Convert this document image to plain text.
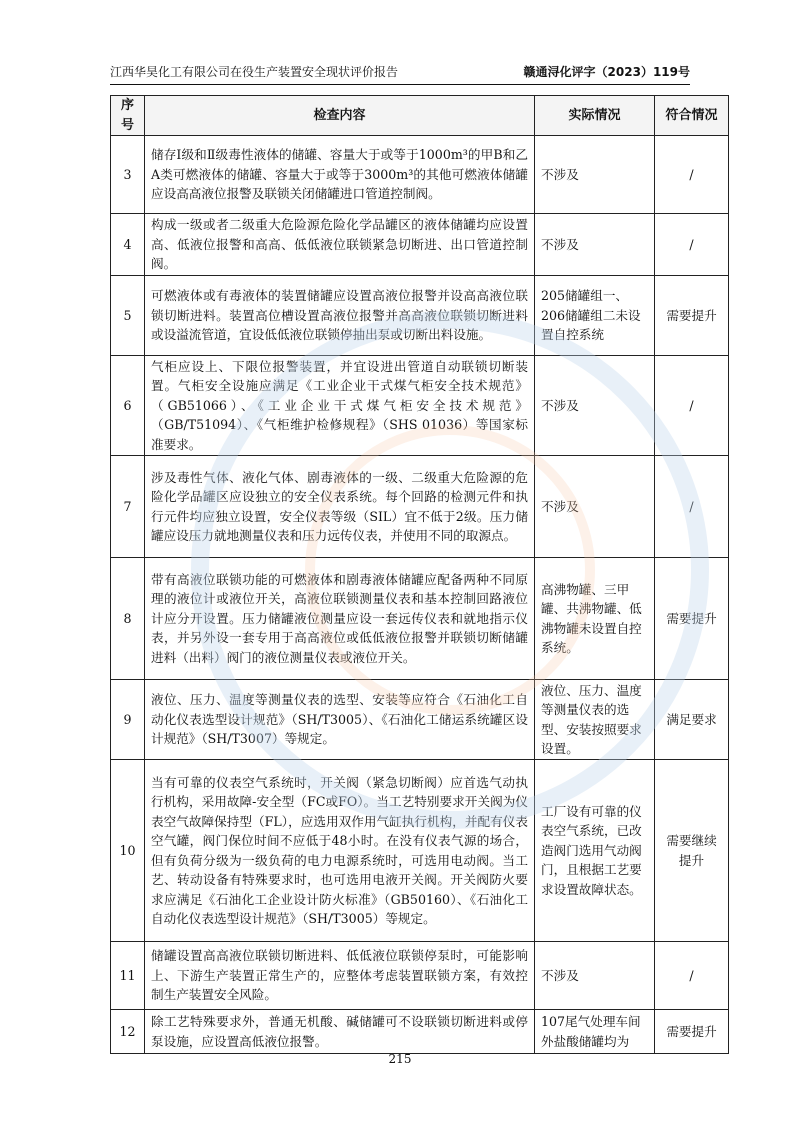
江西华昊化工有限公司在役生产装置安全现状评价报告	赣通浔化评字（2023）119号
序号	检查内容	实际情况	符合情况
3	储存Ⅰ级和Ⅱ级毒性液体的储罐、容量大于或等于1000m³的甲B和乙A类可燃液体的储罐、容量大于或等于3000m³的其他可燃液体储罐应设高高液位报警及联锁关闭储罐进口管道控制阀。	不涉及	/
4	构成一级或者二级重大危险源危险化学品罐区的液体储罐均应设置高、低液位报警和高高、低低液位联锁紧急切断进、出口管道控制阀。	不涉及	/
5	可燃液体或有毒液体的装置储罐应设置高液位报警并设高高液位联锁切断进料。装置高位槽设置高液位报警并高高液位联锁切断进料或设溢流管道，宜设低低液位联锁停抽出泵或切断出料设施。	205储罐组一、206储罐组二未设置自控系统	需要提升
6	气柜应设上、下限位报警装置，并宜设进出管道自动联锁切断装置。气柜安全设施应满足《工业企业干式煤气柜安全技术规范》（GB51066）、《工业企业干式煤气柜安全技术规范》（GB/T51094）、《气柜维护检修规程》（SHS 01036）等国家标准要求。	不涉及	/
7	涉及毒性气体、液化气体、剧毒液体的一级、二级重大危险源的危险化学品罐区应设独立的安全仪表系统。每个回路的检测元件和执行元件均应独立设置，安全仪表等级（SIL）宜不低于2级。压力储罐应设压力就地测量仪表和压力远传仪表，并使用不同的取源点。	不涉及	/
8	带有高液位联锁功能的可燃液体和剧毒液体储罐应配备两种不同原理的液位计或液位开关，高液位联锁测量仪表和基本控制回路液位计应分开设置。压力储罐液位测量应设一套远传仪表和就地指示仪表，并另外设一套专用于高高液位或低低液位报警并联锁切断储罐进料（出料）阀门的液位测量仪表或液位开关。	高沸物罐、三甲罐、共沸物罐、低沸物罐未设置自控系统。	需要提升
9	液位、压力、温度等测量仪表的选型、安装等应符合《石油化工自动化仪表选型设计规范》（SH/T3005）、《石油化工储运系统罐区设计规范》（SH/T3007）等规定。	液位、压力、温度等测量仪表的选型、安装按照要求设置。	满足要求
10	当有可靠的仪表空气系统时，开关阀（紧急切断阀）应首选气动执行机构，采用故障-安全型（FC或FO）。当工艺特别要求开关阀为仪表空气故障保持型（FL），应选用双作用气缸执行机构，并配有仪表空气罐，阀门保位时间不应低于48小时。在没有仪表气源的场合，但有负荷分级为一级负荷的电力电源系统时，可选用电动阀。当工艺、转动设备有特殊要求时，也可选用电液开关阀。开关阀防火要求应满足《石油化工企业设计防火标准》（GB50160）、《石油化工自动化仪表选型设计规范》（SH/T3005）等规定。	工厂设有可靠的仪表空气系统，已改造阀门选用气动阀门，且根据工艺要求设置故障状态。	需要继续提升
11	储罐设置高高液位联锁切断进料、低低液位联锁停泵时，可能影响上、下游生产装置正常生产的，应整体考虑装置联锁方案，有效控制生产装置安全风险。	不涉及	/
12	除工艺特殊要求外，普通无机酸、碱储罐可不设联锁切断进料或停泵设施，应设置高低液位报警。	107尾气处理车间外盐酸储罐均为	需要提升
215
